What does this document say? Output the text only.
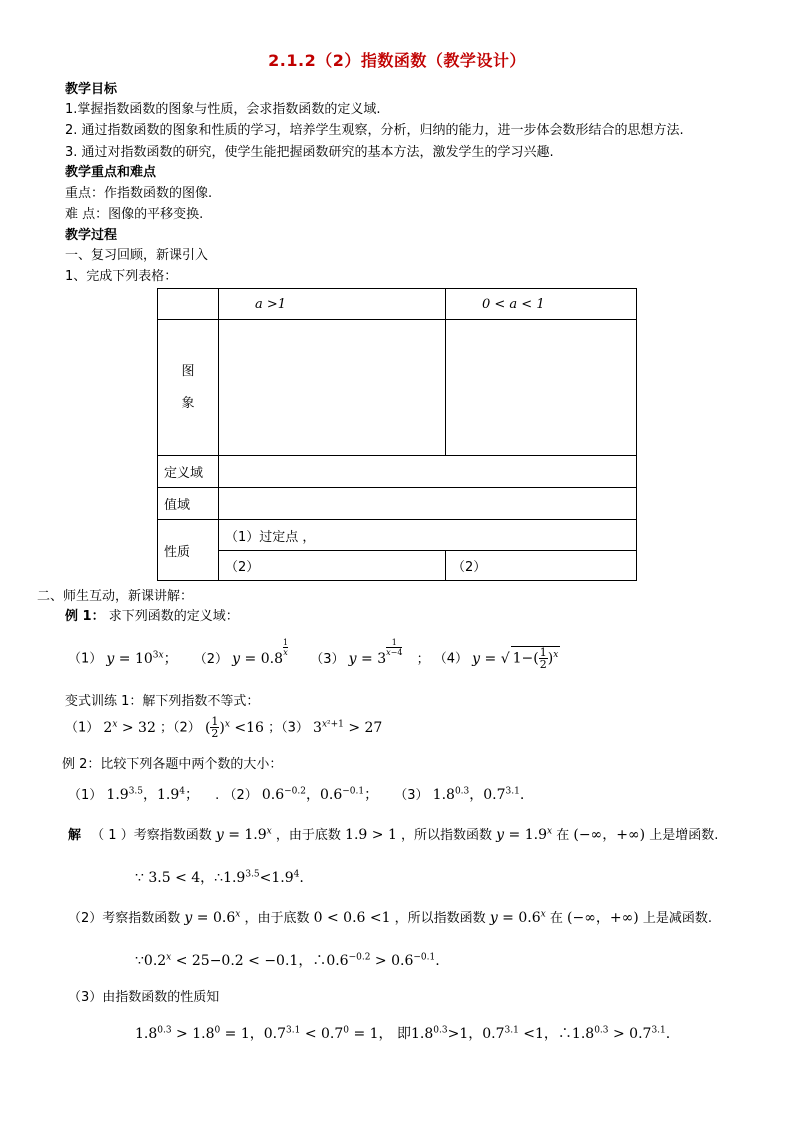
2.1.2（2）指数函数（教学设计）
教学目标
1.掌握指数函数的图象与性质，会求指数函数的定义域.
2. 通过指数函数的图象和性质的学习，培养学生观察，分析，归纳的能力，进一步体会数形结合的思想方法.
3. 通过对指数函数的研究，使学生能把握函数研究的基本方法，激发学生的学习兴趣.
教学重点和难点
重点：作指数函数的图像.
难 点：图像的平移变换.
教学过程
一、复习回顾，新课引入
1、完成下列表格：
	a >1	0 < a < 1

图
象		

定义域		
值域		
性质	（1）过定点 ，	
	（2）	（2）
二、师生互动，新课讲解：
例 1： 求下列函数的定义域：
（1） $y = 10^{3x}$； （2） y = 0.8
$\frac{1}{x}$
（3） y = 3
$\frac{1}{x-4}$
； （4） y = √ $1-( \frac{1}{2} )^x$
变式训练 1：解下列指数不等式：
（1） $2^x > 32$ ；（2） ( $\frac{1}{2} )^x <16$ ；（3） $3^{x^2+1} > 27$
例 2：比较下列各题中两个数的大小：
（1） $1.9^{3.5}$，$1.9^4$； . （2） $0.6^{-0.2}$，$0.6^{-0.1}$； （3） $1.8^{0.3}$，$0.7^{3.1}$.
解 （ 1 ）考察指数函数 $y = 1.9^x$ ，由于底数 1.9 > 1 ，所以指数函数 $y = 1.9^x$ 在 (−∞，+∞) 上是增函数.
∵ 3.5 < 4，$\therefore 1.9^{3.5}<1.9^4$.
（2）考察指数函数 $y = 0.6^x$ ，由于底数 0 < 0.6 <1 ，所以指数函数 $y = 0.6^x$ 在 (−∞，+∞) 上是减函数.
$\because 0.2^x < 25-0.2 < -0.1$，$\therefore 0.6^{-0.2} > 0.6^{-0.1}$.
（3）由指数函数的性质知
$1.8^{0.3} > 1.8^0 = 1$，$0.7^{3.1} < 0.7^0 = 1$， 即$1.8^{0.3}>1$，$0.7^{3.1} <1$，$\therefore 1.8^{0.3} > 0.7^{3.1}$.
